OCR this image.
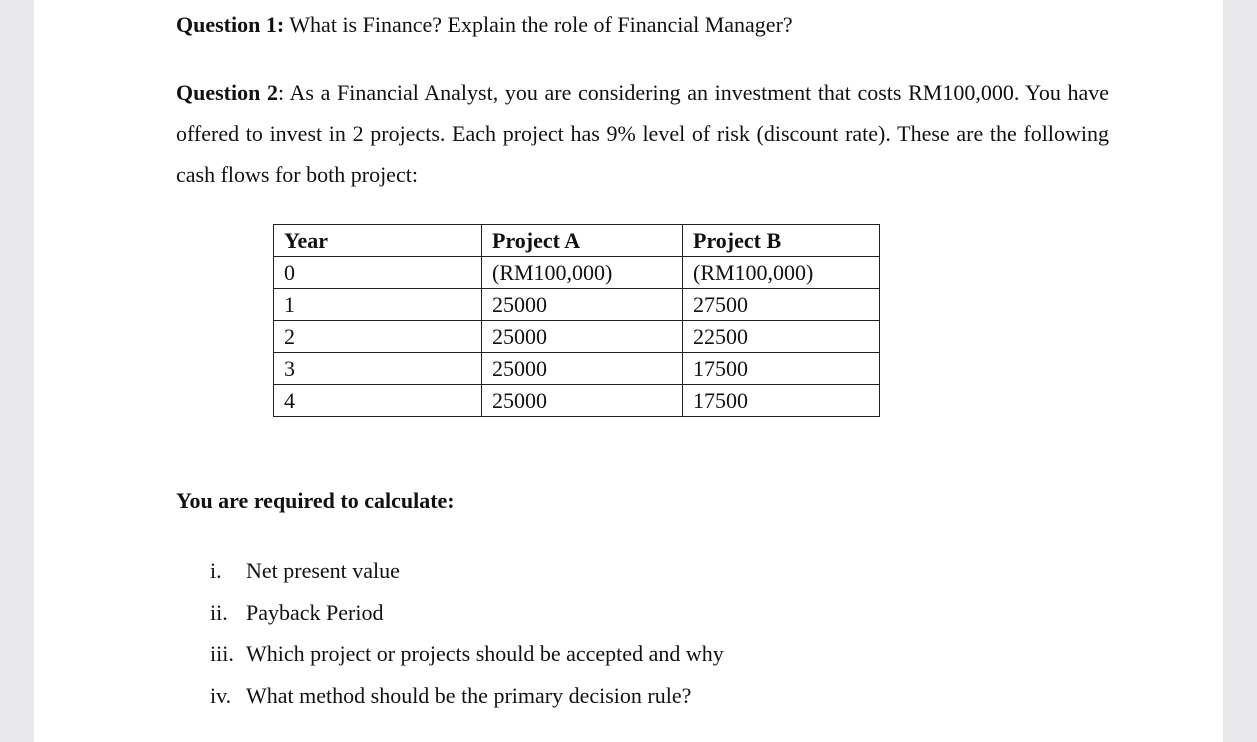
Question 1: What is Finance? Explain the role of Financial Manager?
Question 2: As a Financial Analyst, you are considering an investment that costs RM100,000. You have offered to invest in 2 projects. Each project has 9% level of risk (discount rate). These are the following cash flows for both project:
Year	Project A	Project B
0	(RM100,000)	(RM100,000)
1	25000	27500
2	25000	22500
3	25000	17500
4	25000	17500
You are required to calculate:
i. Net present value
ii. Payback Period
iii. Which project or projects should be accepted and why
iv. What method should be the primary decision rule?
